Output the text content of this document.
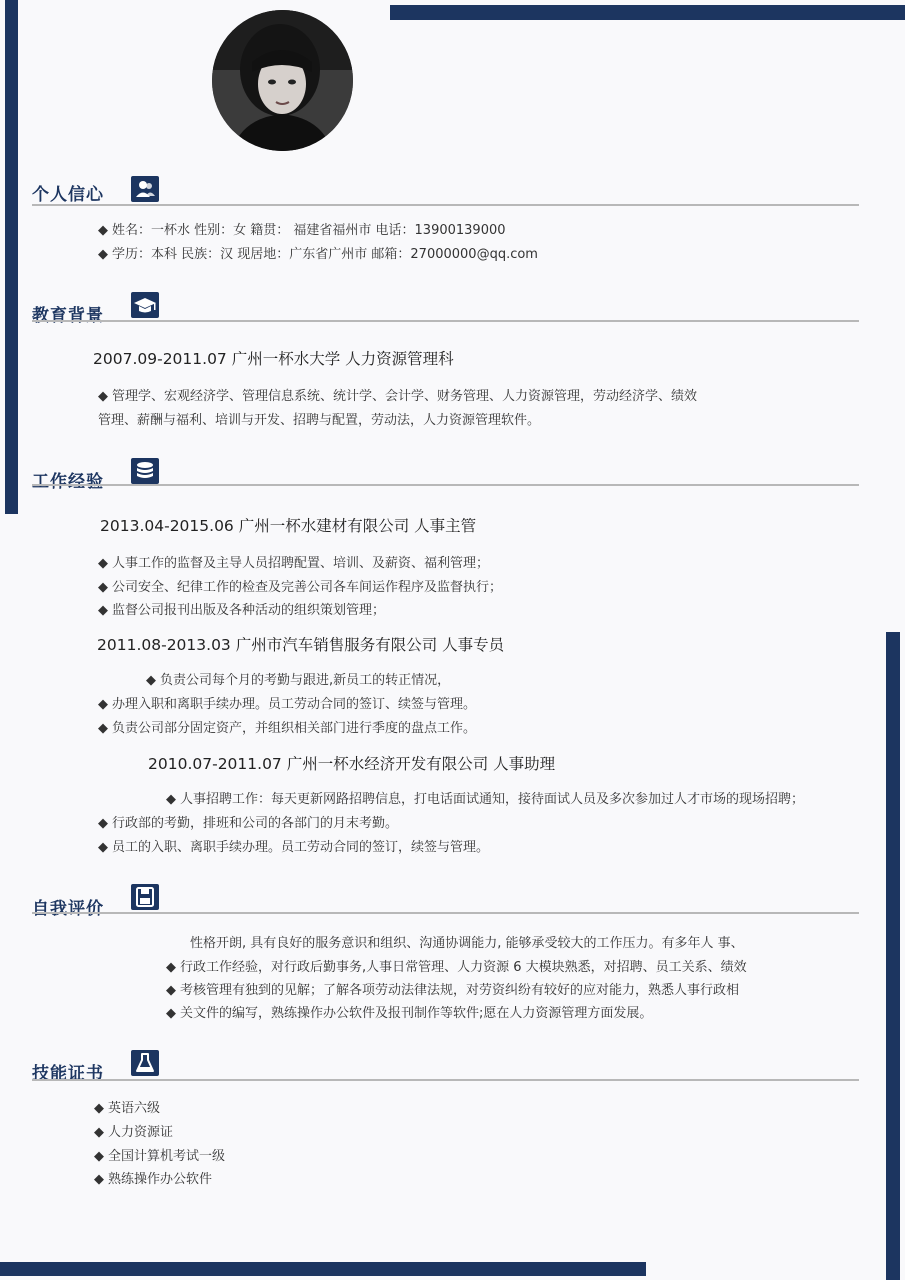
个人信心
◆ 姓名：一杯水 性别：女 籍贯： 福建省福州市 电话：13900139000
◆ 学历：本科 民族：汉 现居地：广东省广州市 邮箱：27000000@qq.com
教育背景
2007.09-2011.07 广州一杯水大学 人力资源管理科
◆ 管理学、宏观经济学、管理信息系统、统计学、会计学、财务管理、人力资源管理，劳动经济学、绩效
管理、薪酬与福利、培训与开发、招聘与配置，劳动法，人力资源管理软件。
工作经验
2013.04-2015.06 广州一杯水建材有限公司 人事主管
◆ 人事工作的监督及主导人员招聘配置、培训、及薪资、福利管理；
◆ 公司安全、纪律工作的检查及完善公司各车间运作程序及监督执行；
◆ 监督公司报刊出版及各种活动的组织策划管理；
2011.08-2013.03 广州市汽车销售服务有限公司 人事专员
◆ 负责公司每个月的考勤与跟进,新员工的转正情况，
◆ 办理入职和离职手续办理。员工劳动合同的签订、续签与管理。
◆ 负责公司部分固定资产，并组织相关部门进行季度的盘点工作。
2010.07-2011.07 广州一杯水经济开发有限公司 人事助理
◆ 人事招聘工作：每天更新网路招聘信息，打电话面试通知，接待面试人员及多次参加过人才市场的现场招聘；
◆ 行政部的考勤，排班和公司的各部门的月末考勤。
◆ 员工的入职、离职手续办理。员工劳动合同的签订，续签与管理。
自我评价
性格开朗, 具有良好的服务意识和组织、沟通协调能力, 能够承受较大的工作压力。有多年人 事、
◆ 行政工作经验，对行政后勤事务,人事日常管理、人力资源 6 大模块熟悉，对招聘、员工关系、绩效
◆ 考核管理有独到的见解；了解各项劳动法律法规，对劳资纠纷有较好的应对能力，熟悉人事行政相
◆ 关文件的编写，熟练操作办公软件及报刊制作等软件;愿在人力资源管理方面发展。
技能证书
◆ 英语六级
◆ 人力资源证
◆ 全国计算机考试一级
◆ 熟练操作办公软件
